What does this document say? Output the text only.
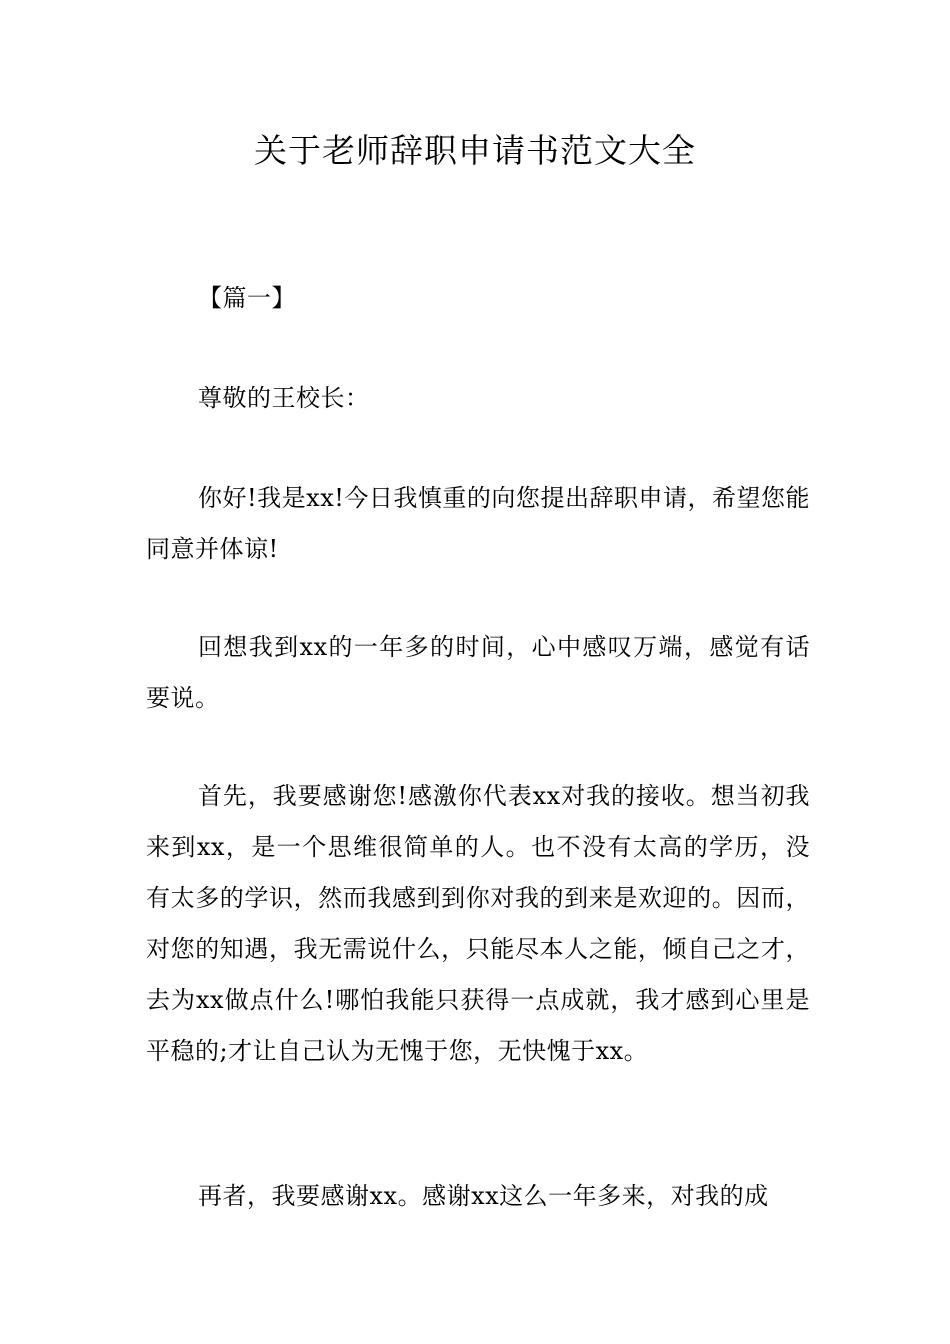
关于老师辞职申请书范文大全

【篇一】

尊敬的王校长：

你好!我是xx!今日我慎重的向您提出辞职申请，希望您能同意并体谅!

回想我到xx的一年多的时间，心中感叹万端，感觉有话要说。

首先，我要感谢您!感激你代表xx对我的接收。想当初我来到xx，是一个思维很简单的人。也不没有太高的学历，没有太多的学识，然而我感到到你对我的到来是欢迎的。因而，对您的知遇，我无需说什么，只能尽本人之能，倾自己之才，去为xx做点什么!哪怕我能只获得一点成就，我才感到心里是平稳的;才让自己认为无愧于您，无快愧于xx。

再者，我要感谢xx。感谢xx这么一年多来，对我的成
